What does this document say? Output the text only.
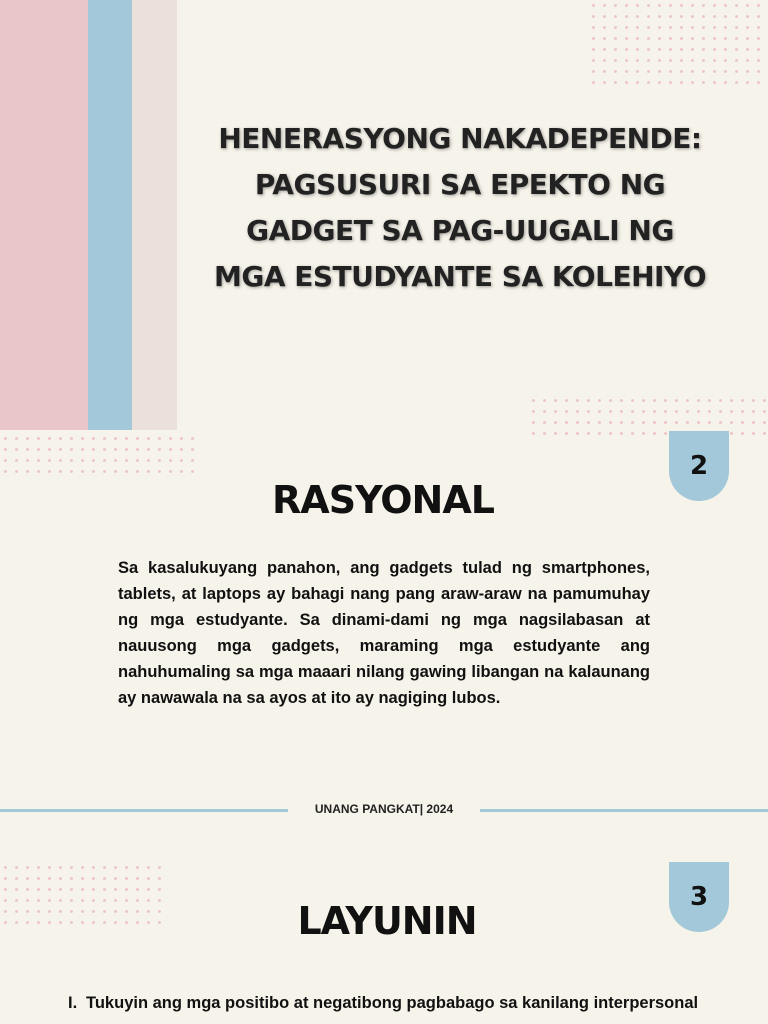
HENERASYONG NAKADEPENDE:
PAGSUSURI SA EPEKTO NG
GADGET SA PAG-UUGALI NG
MGA ESTUDYANTE SA KOLEHIYO
2
RASYONAL

Sa kasalukuyang panahon, ang gadgets tulad ng smartphones, tablets, at laptops ay bahagi nang pang araw-araw na pamumuhay ng mga estudyante. Sa dinami-dami ng mga nagsilabasan at nauusong mga gadgets, maraming mga estudyante ang nahuhumaling sa mga maaari nilang gawing libangan na kalaunang ay nawawala na sa ayos at ito ay nagiging lubos.

UNANG PANGKAT| 2024
3
LAYUNIN
I. Tukuyin ang mga positibo at negatibong pagbabago sa kanilang interpersonal
